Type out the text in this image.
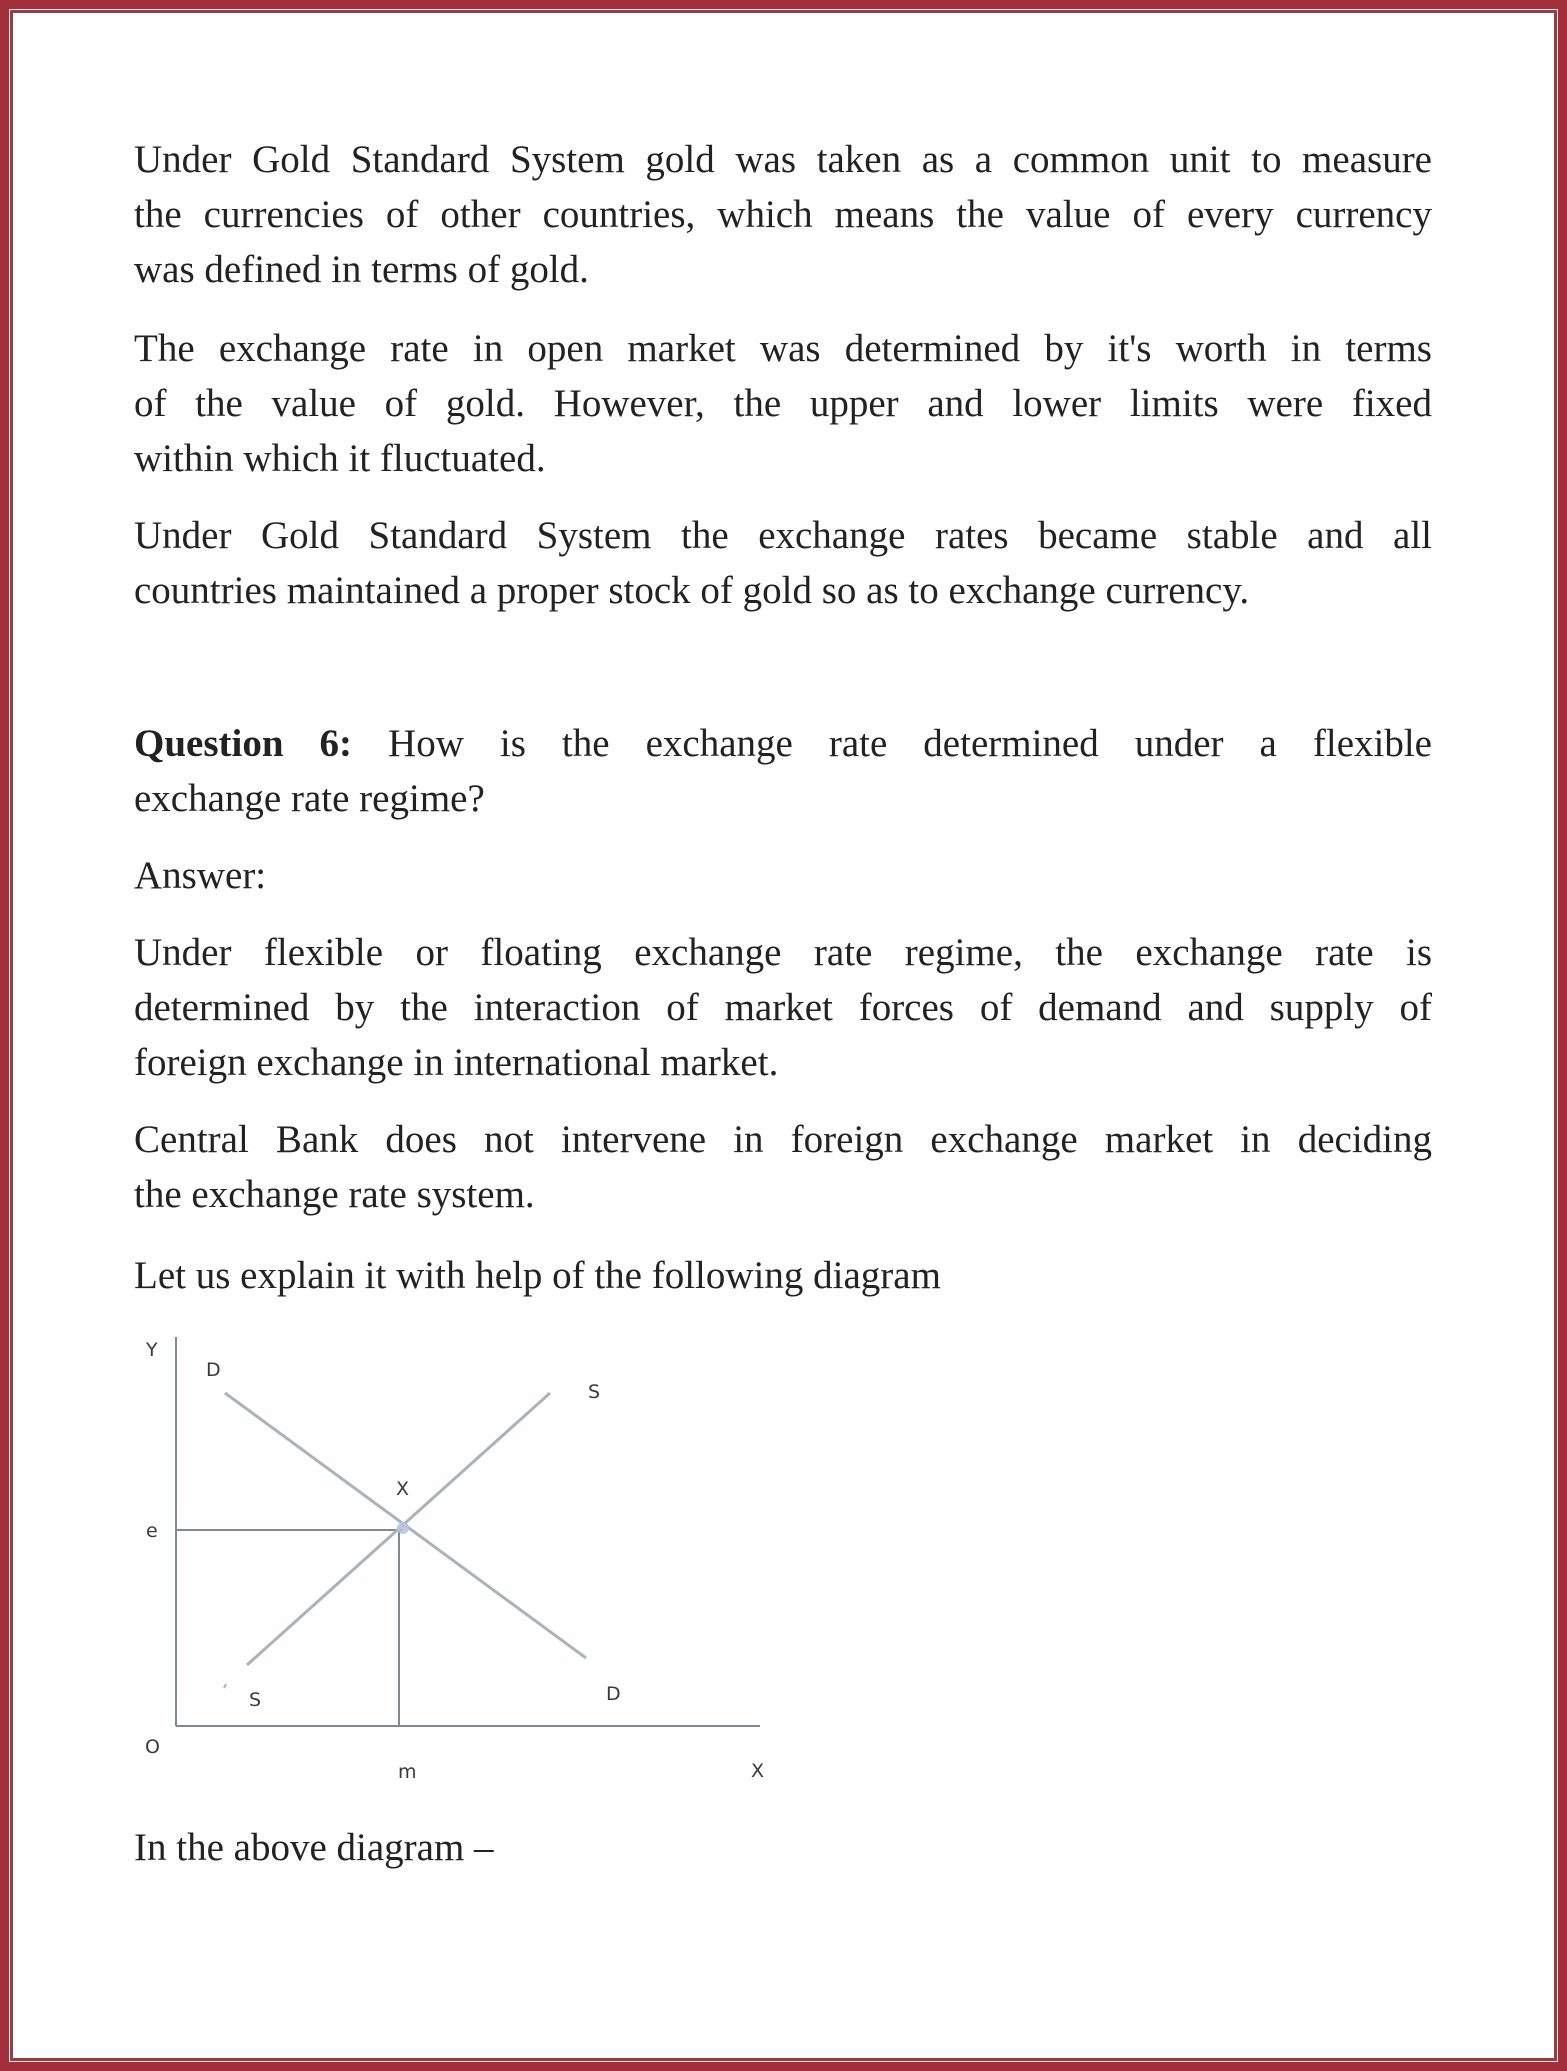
Under Gold Standard System gold was taken as a common unit to measure
the currencies of other countries, which means the value of every currency
was defined in terms of gold.
The exchange rate in open market was determined by it's worth in terms
of the value of gold. However, the upper and lower limits were fixed
within which it fluctuated.
Under Gold Standard System the exchange rates became stable and all
countries maintained a proper stock of gold so as to exchange currency.
Question 6: How is the exchange rate determined under a flexible
exchange rate regime?
Answer:
Under flexible or floating exchange rate regime, the exchange rate is
determined by the interaction of market forces of demand and supply of
foreign exchange in international market.
Central Bank does not intervene in foreign exchange market in deciding
the exchange rate system.
Let us explain it with help of the following diagram
Y
D
S
X
e
S	D
O
m	X
In the above diagram –
